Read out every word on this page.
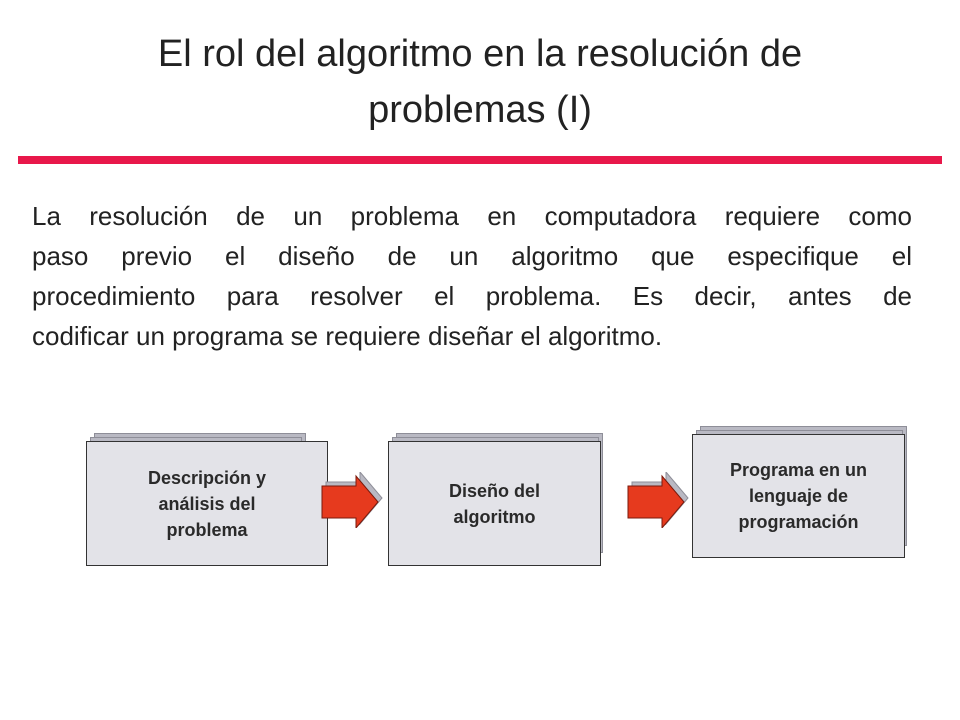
El rol del algoritmo en la resolución de
problemas (I)
La resolución de un problema en computadora requiere como
paso previo el diseño de un algoritmo que especifique el
procedimiento para resolver el problema. Es decir, antes de
codificar un programa se requiere diseñar el algoritmo.
Descripción y
análisis del
problema
Diseño del
algoritmo
Programa en un
lenguaje de
programación
